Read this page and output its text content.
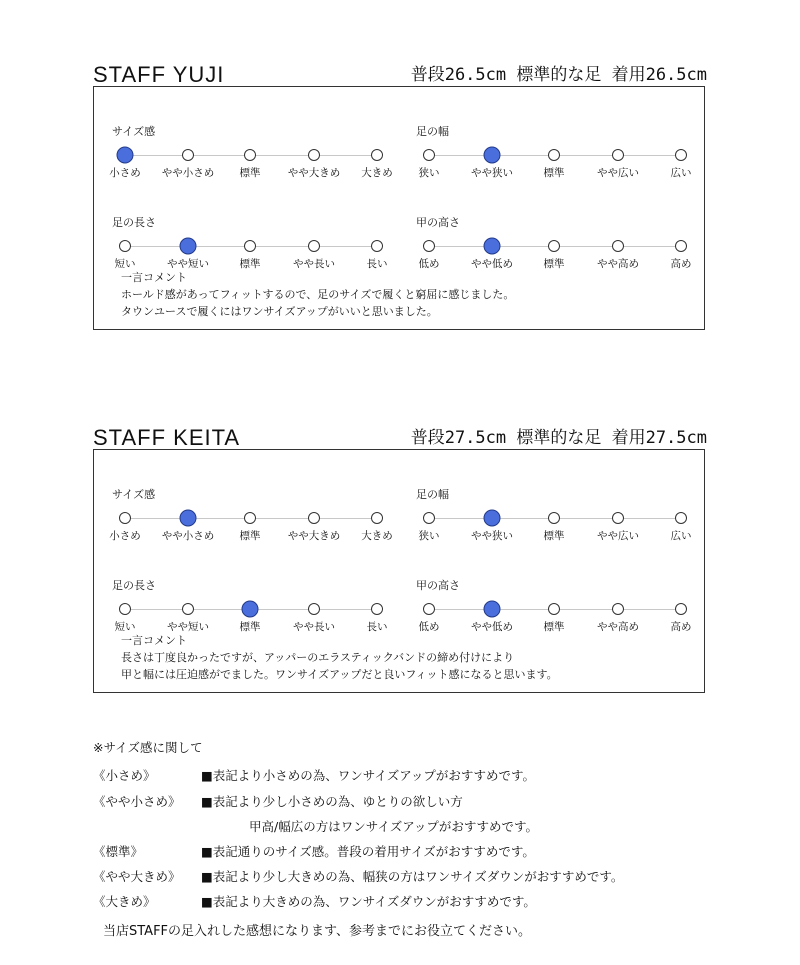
STAFF YUJI	普段26.5cm 標準的な足 着用26.5cm
サイズ感
小さめ やや小さめ 標準	やや大きめ 大きめ
足の幅
狭い	やや狭い	標準	やや広い	広い
足の長さ
短い	やや短い	標準	やや長い	長い
甲の高さ
低め	やや低め	標準	やや高め	高め
一言コメント
ホールド感があってフィットするので、足のサイズで履くと窮屈に感じました。
タウンユースで履くにはワンサイズアップがいいと思いました。
STAFF KEITA	普段27.5cm 標準的な足 着用27.5cm
サイズ感
小さめ やや小さめ 標準	やや大きめ 大きめ
足の幅
狭い	やや狭い	標準	やや広い	広い
足の長さ
短い	やや短い	標準	やや長い	長い
甲の高さ
低め	やや低め	標準	やや高め	高め
一言コメント
長さは丁度良かったですが、アッパーのエラスティックバンドの締め付けにより
甲と幅には圧迫感がでました。ワンサイズアップだと良いフィット感になると思います。
※サイズ感に関して
《小さめ》	■表記より小さめの為、ワンサイズアップがおすすめです。
《やや小さめ》 ■表記より少し小さめの為、ゆとりの欲しい方
甲高/幅広の方はワンサイズアップがおすすめです。
《標準》	■表記通りのサイズ感。普段の着用サイズがおすすめです。
《やや大きめ》 ■表記より少し大きめの為、幅狭の方はワンサイズダウンがおすすめです。
《大きめ》	■表記より大きめの為、ワンサイズダウンがおすすめです。
当店STAFFの足入れした感想になります、参考までにお役立てください。
